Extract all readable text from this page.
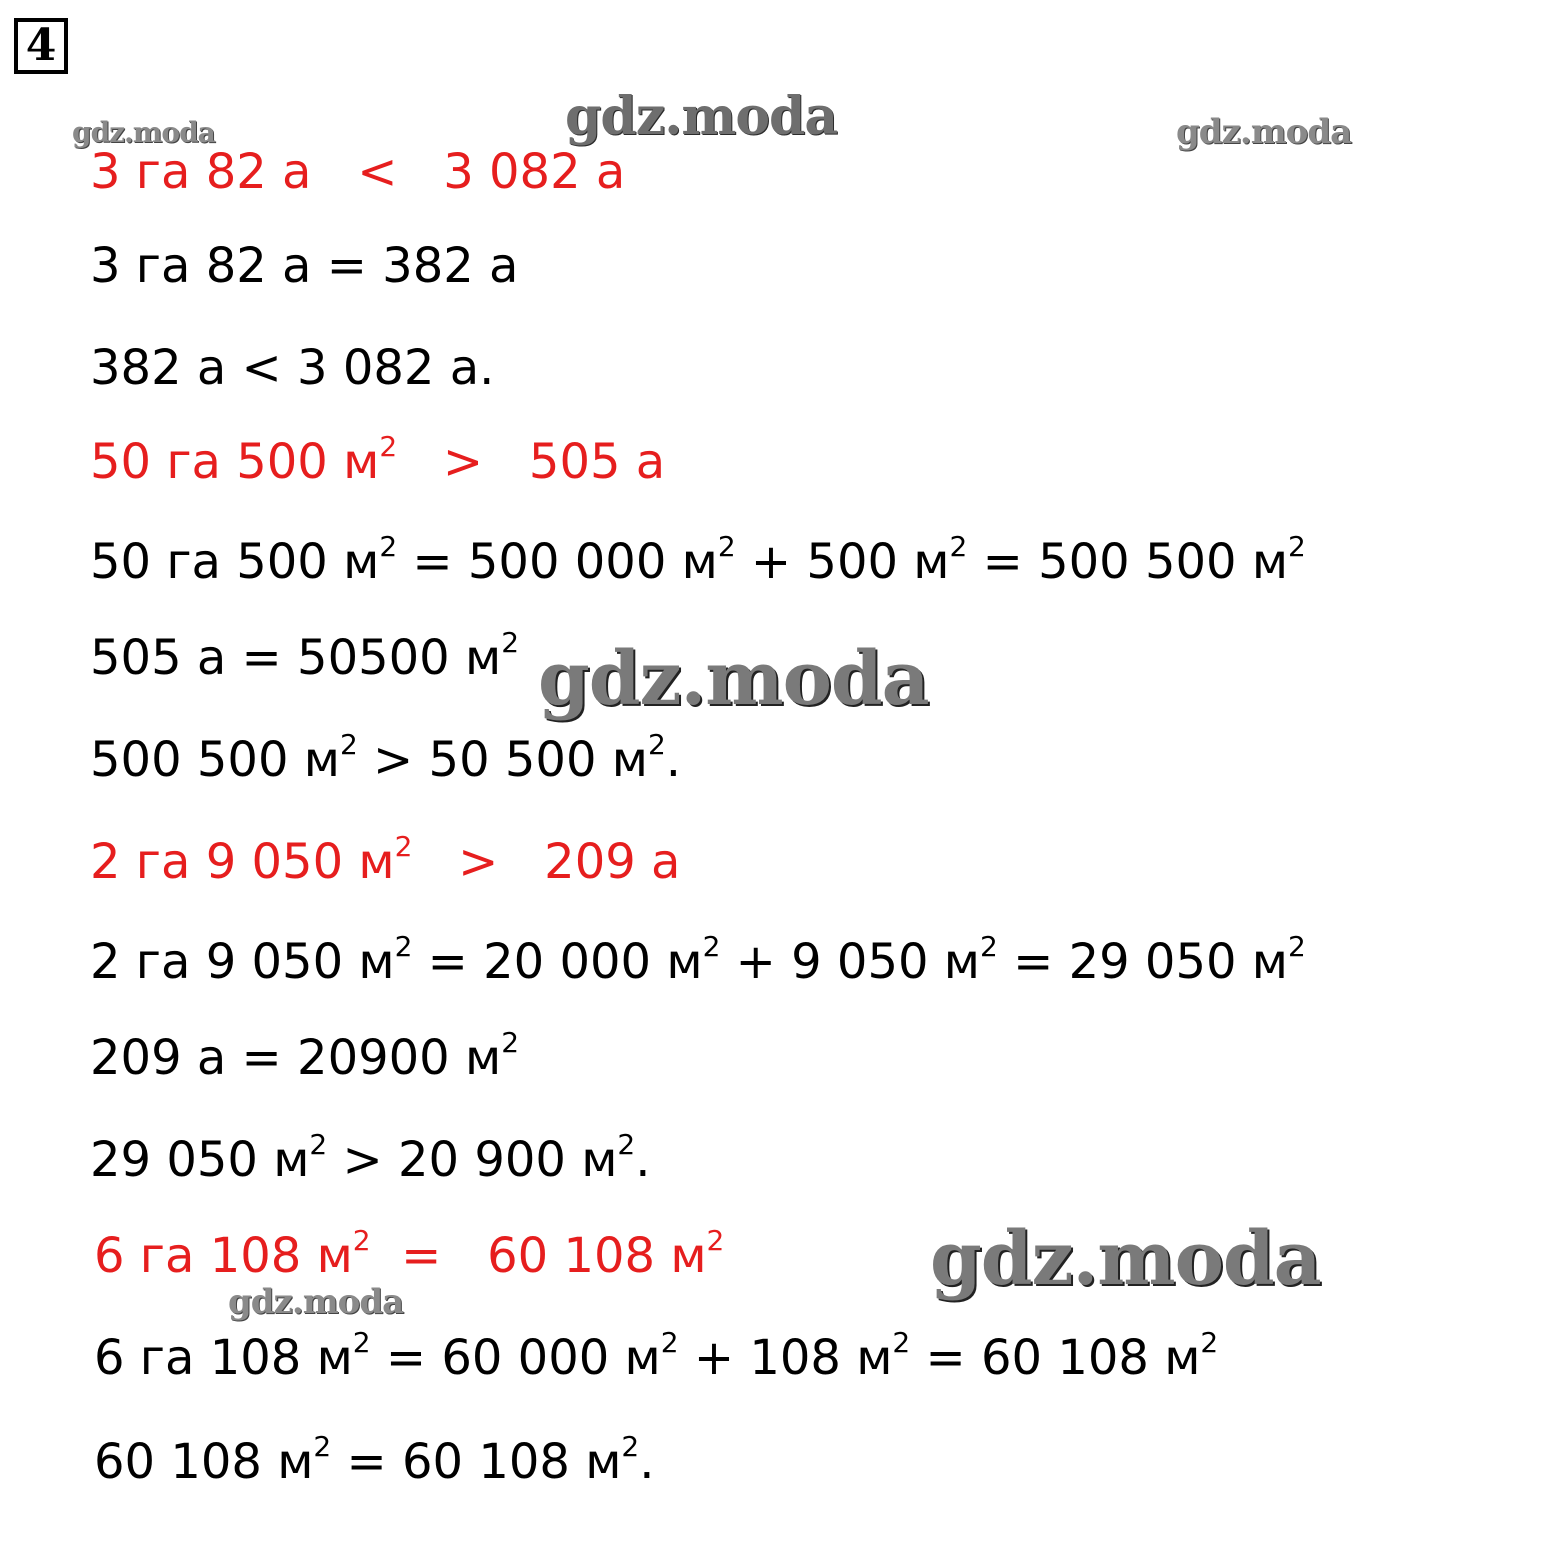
4
gdz.moda	gdz.moda	gdz.moda
3 га 82 а   <   3 082 а
3 га 82 а = 382 а
382 а < 3 082 а.
50 га 500 $м^2 > 505$ а
50 га 500 $м^2 = 500$ 000 $м^2 + 500$ $м^2 = 500$ 500 $м^2$
505 а = 50500 $м^2$
500 500 $м^2 > 50$ 500 $м^2$.
gdz.moda
2 га 9 050 $м^2 > 209$ а
2 га 9 050 $м^2 = 20$ 000 $м^2 + 9$ 050 $м^2 = 29$ 050 $м^2$
209 а = 20900 $м^2$
29 050 $м^2 > 20$ 900 $м^2$.
6 га 108 $м^2 = 60$ 108 $м^2$	gdz.moda
gdz.moda
6 га 108 $м^2 = 60$ 000 $м^2 + 108$ $м^2 = 60$ 108 $м^2$
60 108 $м^2 = 60$ 108 $м^2$.
